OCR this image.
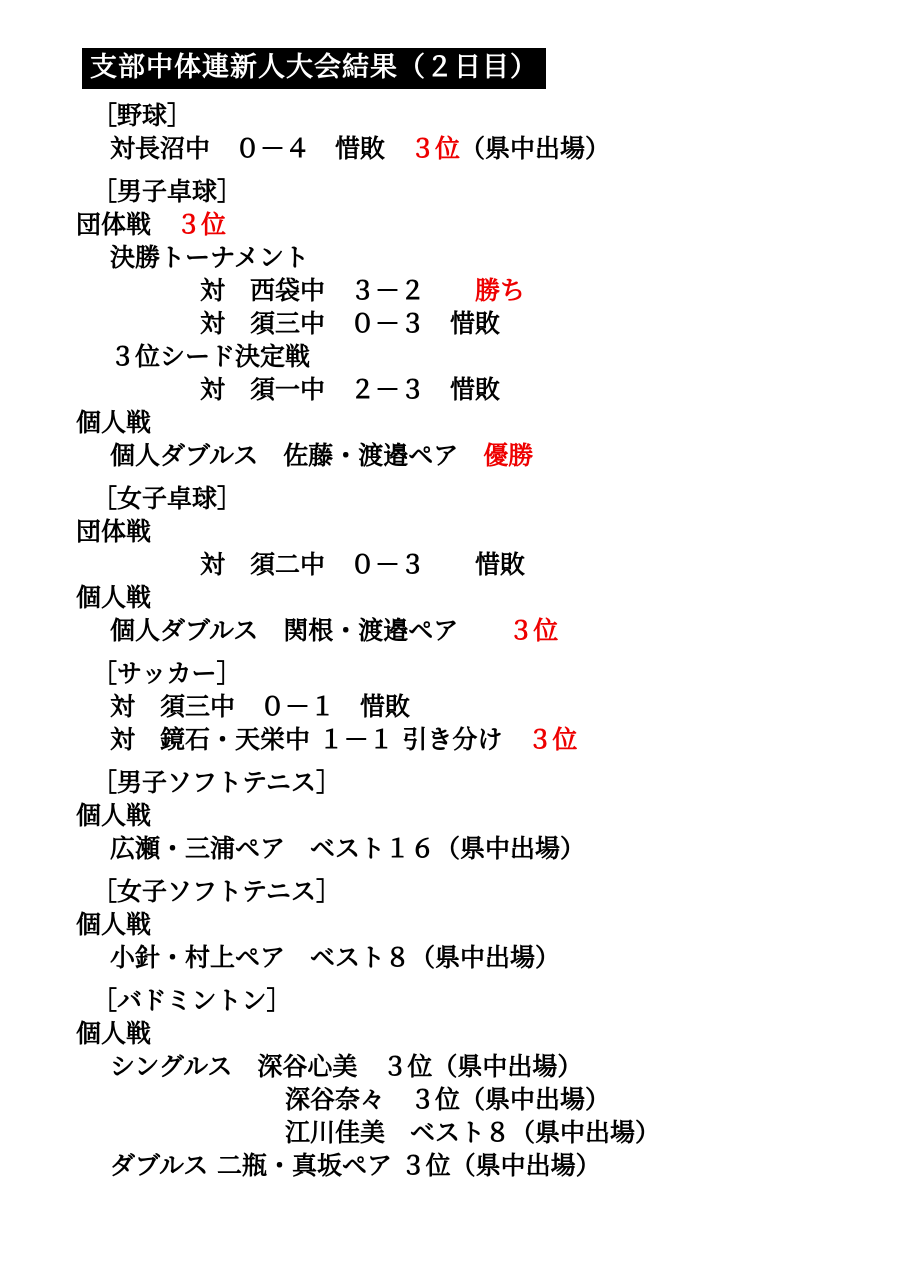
支部中体連新人大会結果（２日目）
［野球］
対長沼中　０－４　惜敗　３位（県中出場）
［男子卓球］
団体戦　３位
決勝トーナメント
対　西袋中　３－２　　勝ち
対　須三中　０－３　惜敗
３位シード決定戦
対　須一中　２－３　惜敗
個人戦
個人ダブルス　佐藤・渡邉ペア　優勝
［女子卓球］
団体戦
対　須二中　０－３　　惜敗
個人戦
個人ダブルス　関根・渡邉ペア　　３位
［サッカー］
対　須三中　０－１　惜敗
対　鏡石・天栄中 １－１ 引き分け　３位
［男子ソフトテニス］
個人戦
広瀬・三浦ペア　ベスト１６（県中出場）
［女子ソフトテニス］
個人戦
小針・村上ペア　ベスト８（県中出場）
［バドミントン］
個人戦
シングルス　深谷心美　３位（県中出場）
深谷奈々　３位（県中出場）
江川佳美　ベスト８（県中出場）
ダブルス 二瓶・真坂ペア ３位（県中出場）
